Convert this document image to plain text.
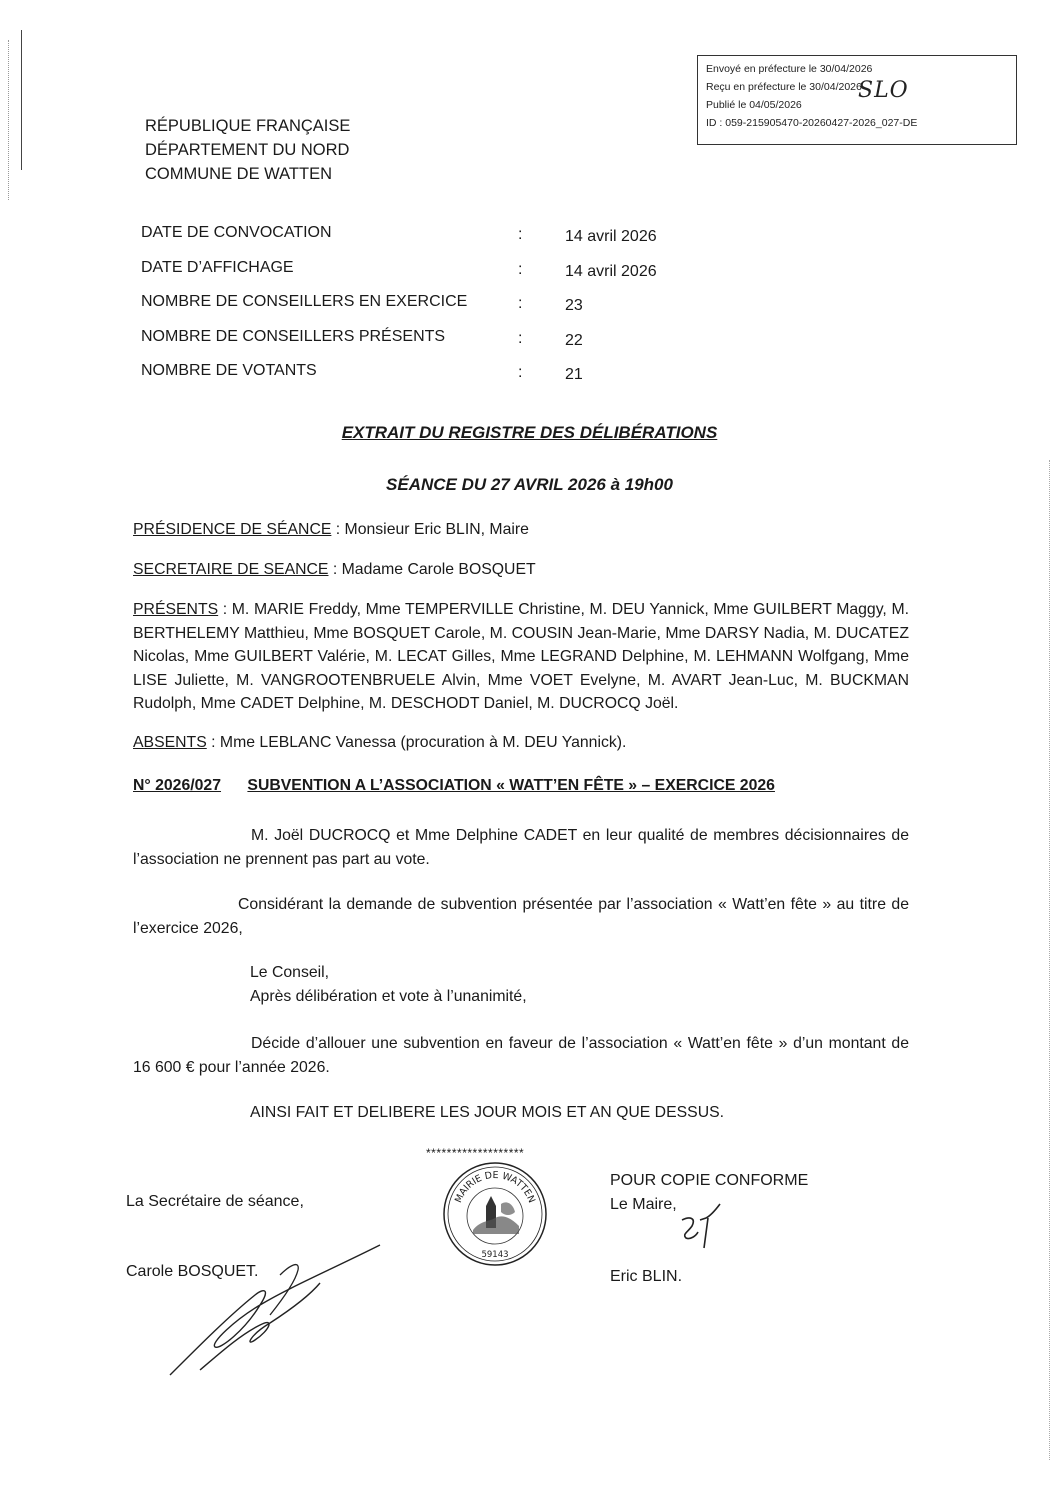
Envoyé en préfecture le 30/04/2026
Reçu en préfecture le 30/04/2026
Publié le 04/05/2026
ID : 059-215905470-20260427-2026_027-DE
SLO
RÉPUBLIQUE FRANÇAISE
DÉPARTEMENT DU NORD
COMMUNE DE WATTEN
DATE DE CONVOCATION	:	14 avril 2026
DATE D’AFFICHAGE	:	14 avril 2026
NOMBRE DE CONSEILLERS EN EXERCICE	:	23
NOMBRE DE CONSEILLERS PRÉSENTS	:	22
NOMBRE DE VOTANTS	:	21
EXTRAIT DU REGISTRE DES DÉLIBÉRATIONS
SÉANCE DU 27 AVRIL 2026 à 19h00
PRÉSIDENCE DE SÉANCE : Monsieur Eric BLIN, Maire
SECRETAIRE DE SEANCE : Madame Carole BOSQUET
PRÉSENTS : M. MARIE Freddy, Mme TEMPERVILLE Christine, M. DEU Yannick, Mme GUILBERT Maggy, M. BERTHELEMY Matthieu, Mme BOSQUET Carole, M. COUSIN Jean-Marie, Mme DARSY Nadia, M. DUCATEZ Nicolas, Mme GUILBERT Valérie, M. LECAT Gilles, Mme LEGRAND Delphine, M. LEHMANN Wolfgang, Mme LISE Juliette, M. VANGROOTENBRUELE Alvin, Mme VOET Evelyne, M. AVART Jean-Luc, M. BUCKMAN Rudolph, Mme CADET Delphine, M. DESCHODT Daniel, M. DUCROCQ Joël.
ABSENTS : Mme LEBLANC Vanessa (procuration à M. DEU Yannick).
N° 2026/027 SUBVENTION A L’ASSOCIATION « WATT’EN FÊTE » – EXERCICE 2026
M. Joël DUCROCQ et Mme Delphine CADET en leur qualité de membres décisionnaires de l’association ne prennent pas part au vote.
Considérant la demande de subvention présentée par l’association « Watt’en fête » au titre de l’exercice 2026,
Le Conseil,
Après délibération et vote à l’unanimité,
Décide d’allouer une subvention en faveur de l’association « Watt’en fête » d’un montant de 16 600 € pour l’année 2026.
AINSI FAIT ET DELIBERE LES JOUR MOIS ET AN QUE DESSUS.
*******************
La Secrétaire de séance,
Carole BOSQUET.
MAIRIE DE WATTEN
59143
POUR COPIE CONFORME
Le Maire,
Eric BLIN.
